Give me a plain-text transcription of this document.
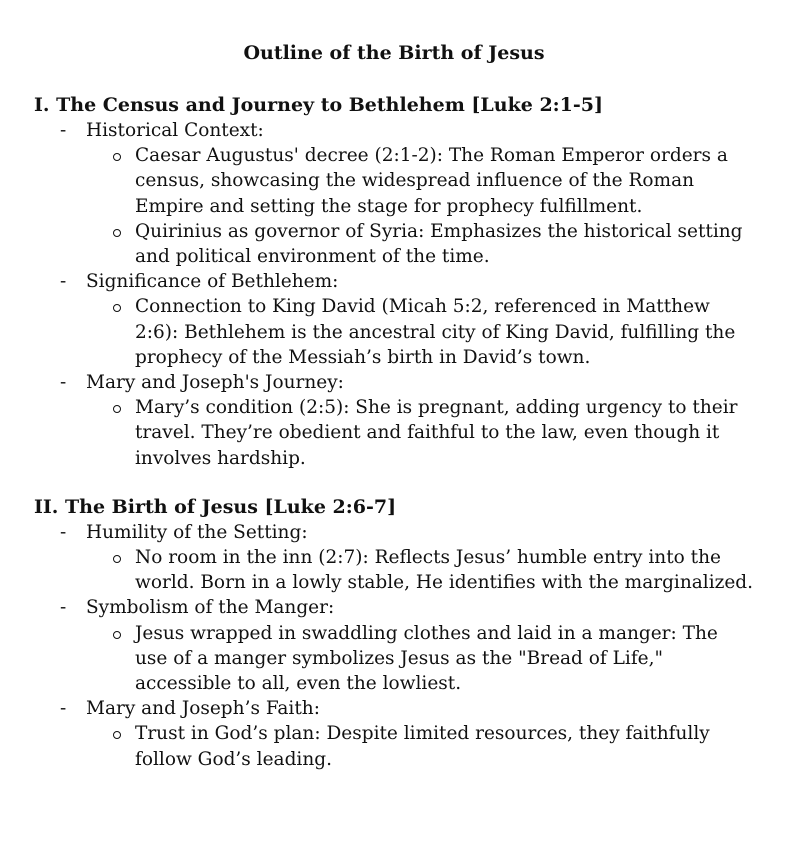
Outline of the Birth of Jesus
I. The Census and Journey to Bethlehem [Luke 2:1-5]
- Historical Context:
Caesar Augustus' decree (2:1-2): The Roman Emperor orders a census, showcasing the widespread influence of the Roman Empire and setting the stage for prophecy fulfillment.
Quirinius as governor of Syria: Emphasizes the historical setting and political environment of the time.
- Significance of Bethlehem:
Connection to King David (Micah 5:2, referenced in Matthew 2:6): Bethlehem is the ancestral city of King David, fulfilling the prophecy of the Messiah’s birth in David’s town.
- Mary and Joseph's Journey:
Mary’s condition (2:5): She is pregnant, adding urgency to their travel. They’re obedient and faithful to the law, even though it involves hardship.
II. The Birth of Jesus [Luke 2:6-7]
- Humility of the Setting:
No room in the inn (2:7): Reflects Jesus’ humble entry into the world. Born in a lowly stable, He identifies with the marginalized.
- Symbolism of the Manger:
Jesus wrapped in swaddling clothes and laid in a manger: The use of a manger symbolizes Jesus as the "Bread of Life," accessible to all, even the lowliest.
- Mary and Joseph’s Faith:
Trust in God’s plan: Despite limited resources, they faithfully follow God’s leading.
